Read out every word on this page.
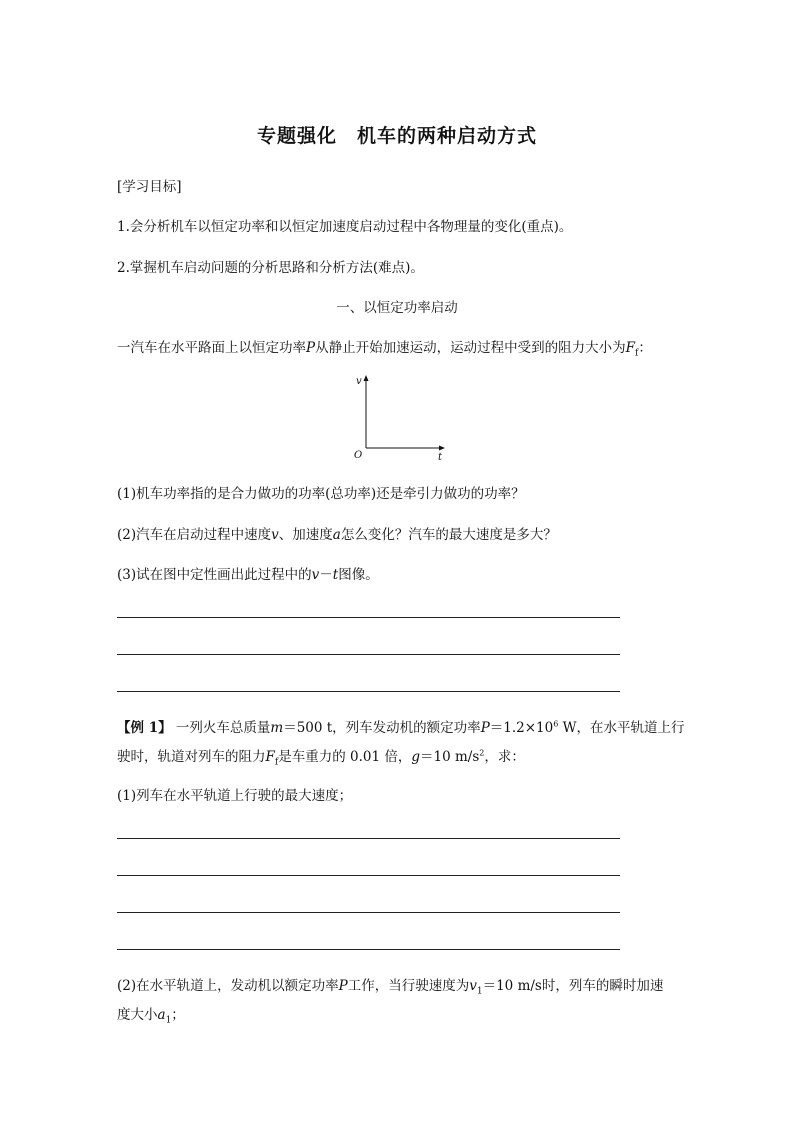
专题强化　机车的两种启动方式
[学习目标]
1.会分析机车以恒定功率和以恒定加速度启动过程中各物理量的变化(重点)。
2.掌握机车启动问题的分析思路和分析方法(难点)。
一、以恒定功率启动
一汽车在水平路面上以恒定功率P从静止开始加速运动，运动过程中受到的阻力大小为$F_f$：
v
t
O
(1)机车功率指的是合力做功的功率(总功率)还是牵引力做功的功率？
(2)汽车在启动过程中速度v、加速度a怎么变化？汽车的最大速度是多大？
(3)试在图中定性画出此过程中的v－t图像。
【例 1】 一列火车总质量m＝500 t，列车发动机的额定功率$P=1.2\times 10^6$ W，在水平轨道上行
驶时，轨道对列车的阻力$F_f$是车重力的 0.01 倍，g＝10 $m/s^2$，求：
(1)列车在水平轨道上行驶的最大速度；
(2)在水平轨道上，发动机以额定功率P工作，当行驶速度为$v_1=10$ m/s时，列车的瞬时加速
度大小$a_1$；
